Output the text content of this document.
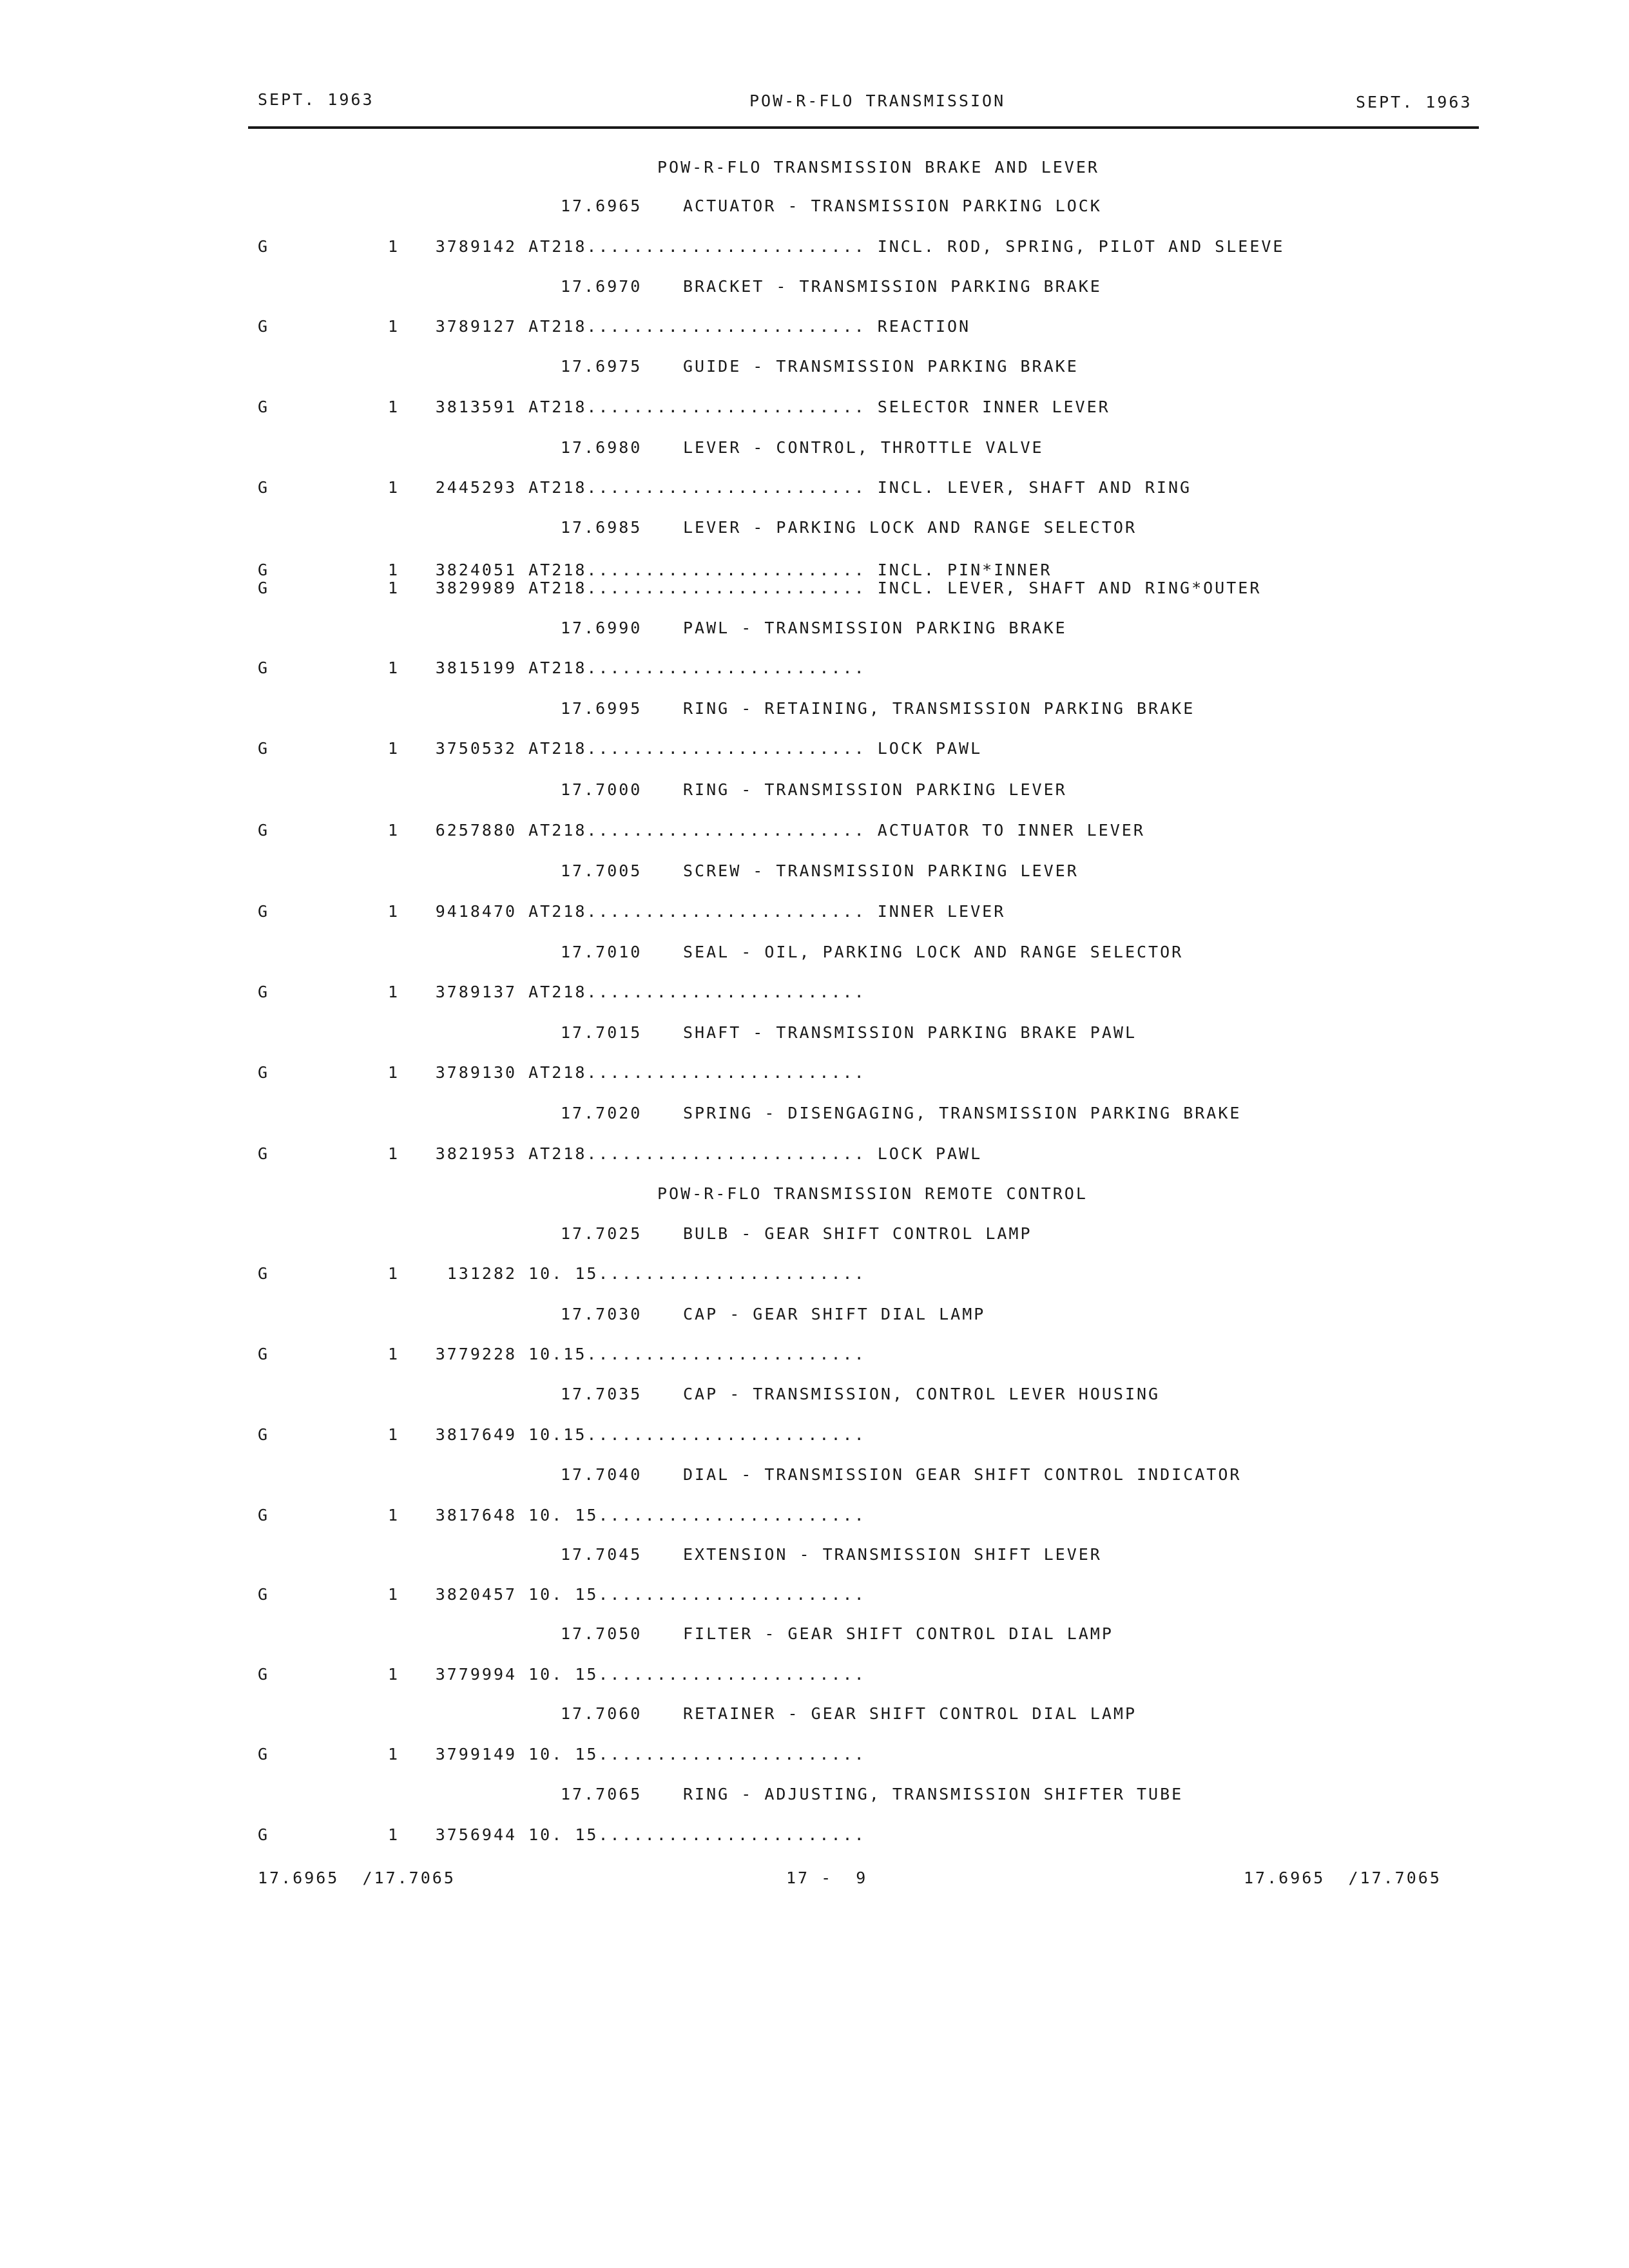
SEPT. 1963	POW-R-FLO TRANSMISSION	SEPT. 1963
POW-R-FLO TRANSMISSION BRAKE AND LEVER
17.6965	ACTUATOR - TRANSMISSION PARKING LOCK
G	1 3789142 AT218........................ INCL. ROD, SPRING, PILOT AND SLEEVE
17.6970	BRACKET - TRANSMISSION PARKING BRAKE
G	1 3789127 AT218........................ REACTION
17.6975	GUIDE - TRANSMISSION PARKING BRAKE
G	1 3813591 AT218........................ SELECTOR INNER LEVER
17.6980	LEVER - CONTROL, THROTTLE VALVE
G	1 2445293 AT218........................ INCL. LEVER, SHAFT AND RING
17.6985	LEVER - PARKING LOCK AND RANGE SELECTOR
G	1 3824051 AT218........................ INCL. PIN*INNER
G	1 3829989 AT218........................ INCL. LEVER, SHAFT AND RING*OUTER
17.6990	PAWL - TRANSMISSION PARKING BRAKE
G	1 3815199 AT218........................
17.6995	RING - RETAINING, TRANSMISSION PARKING BRAKE
G	1 3750532 AT218........................ LOCK PAWL
17.7000	RING - TRANSMISSION PARKING LEVER
G	1 6257880 AT218........................ ACTUATOR TO INNER LEVER
17.7005	SCREW - TRANSMISSION PARKING LEVER
G	1 9418470 AT218........................ INNER LEVER
17.7010	SEAL - OIL, PARKING LOCK AND RANGE SELECTOR
G	1 3789137 AT218........................
17.7015	SHAFT - TRANSMISSION PARKING BRAKE PAWL
G	1 3789130 AT218........................
17.7020	SPRING - DISENGAGING, TRANSMISSION PARKING BRAKE
G	1 3821953 AT218........................ LOCK PAWL
POW-R-FLO TRANSMISSION REMOTE CONTROL
17.7025	BULB - GEAR SHIFT CONTROL LAMP
G	1	131282 10. 15.......................
17.7030	CAP - GEAR SHIFT DIAL LAMP
G	1 3779228 10.15........................
17.7035	CAP - TRANSMISSION, CONTROL LEVER HOUSING
G	1 3817649 10.15........................
17.7040	DIAL - TRANSMISSION GEAR SHIFT CONTROL INDICATOR
G	1 3817648 10. 15.......................
17.7045	EXTENSION - TRANSMISSION SHIFT LEVER
G	1 3820457 10. 15.......................
17.7050	FILTER - GEAR SHIFT CONTROL DIAL LAMP
G	1 3779994 10. 15.......................
17.7060	RETAINER - GEAR SHIFT CONTROL DIAL LAMP
G	1 3799149 10. 15.......................
17.7065	RING - ADJUSTING, TRANSMISSION SHIFTER TUBE
G	1 3756944 10. 15.......................
17.6965  /17.7065	17 -  9	17.6965  /17.7065
